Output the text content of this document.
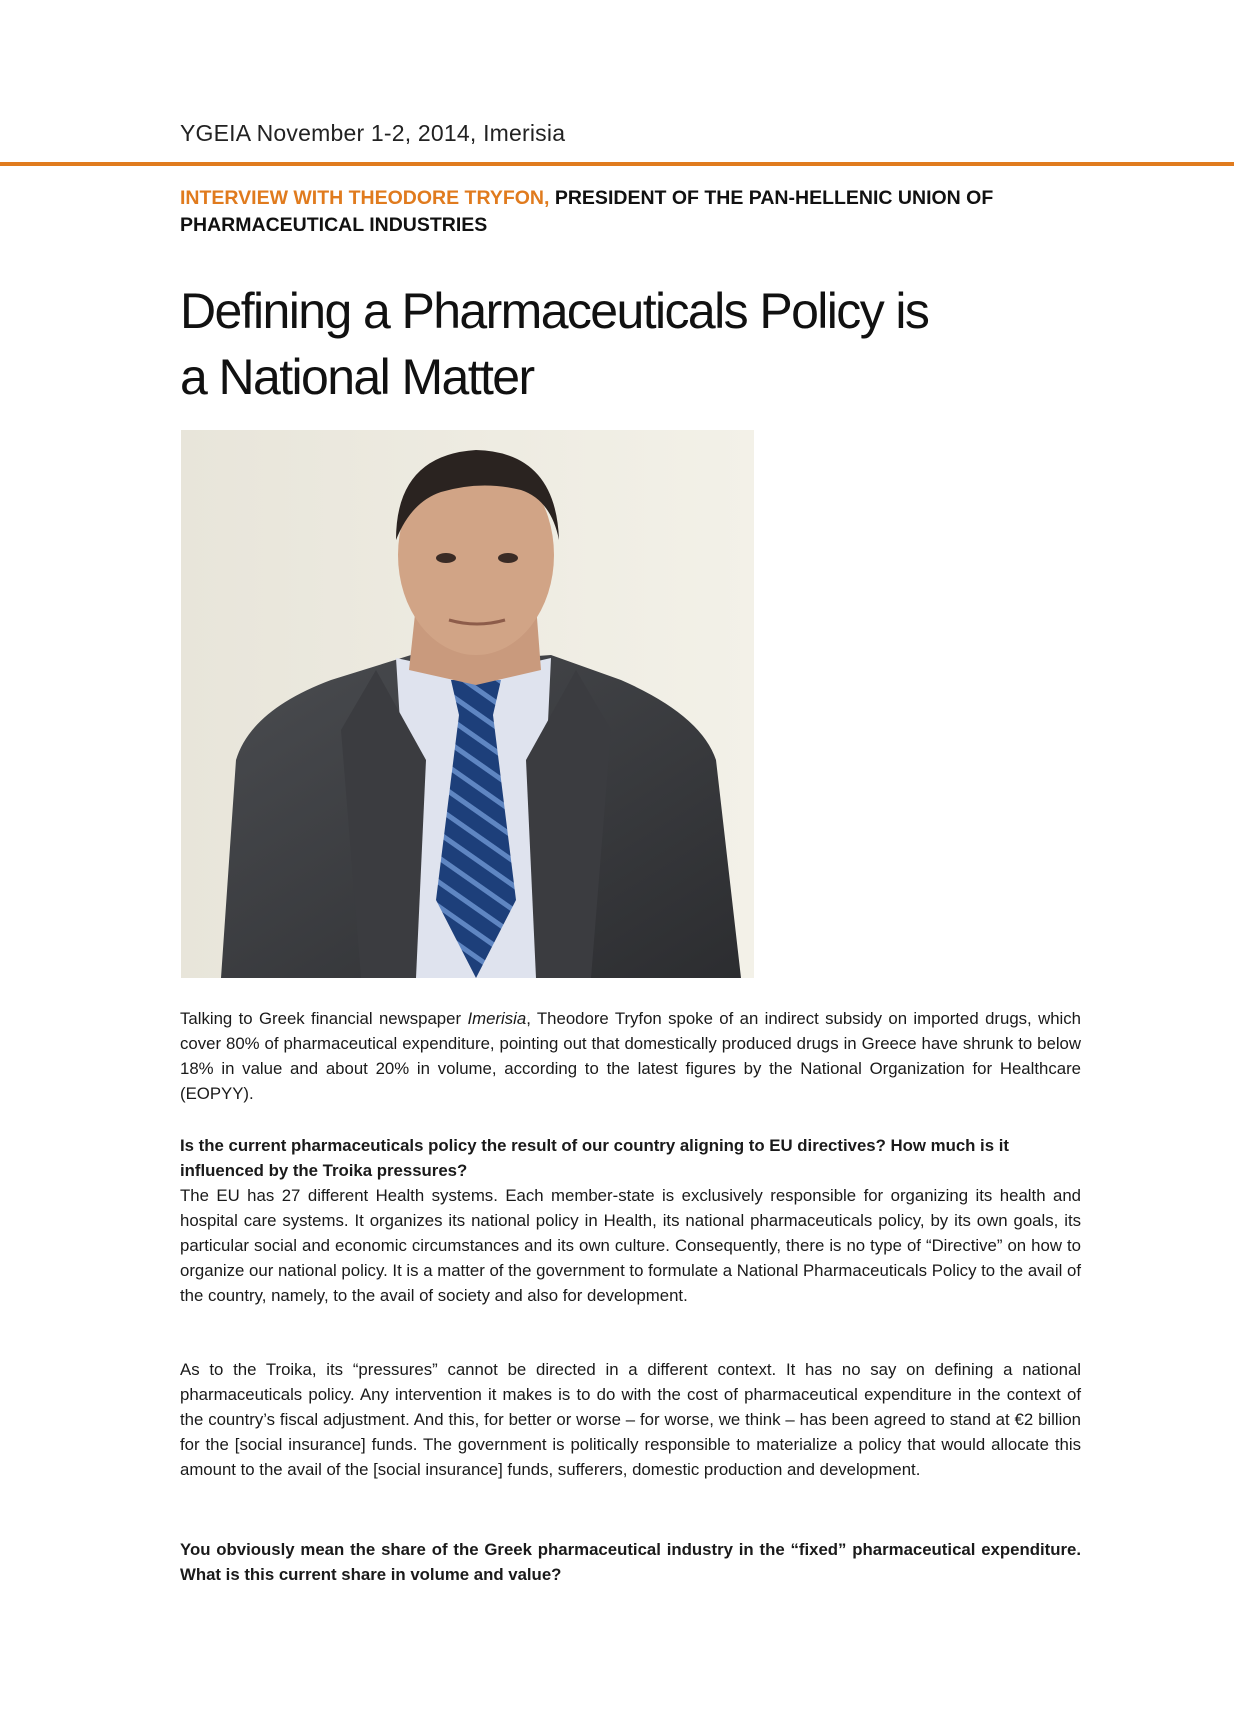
YGEIA November 1-2, 2014, Imerisia
INTERVIEW WITH THEODORE TRYFON, PRESIDENT OF THE PAN-HELLENIC UNION OF PHARMACEUTICAL INDUSTRIES
Defining a Pharmaceuticals Policy is
a National Matter

Talking to Greek financial newspaper Imerisia, Theodore Tryfon spoke of an indirect subsidy on imported drugs, which cover 80% of pharmaceutical expenditure, pointing out that domestically produced drugs in Greece have shrunk to below 18% in value and about 20% in volume, according to the latest figures by the National Organization for Healthcare (EOPYY).

Is the current pharmaceuticals policy the result of our country aligning to EU directives? How much is it influenced by the Troika pressures?

The EU has 27 different Health systems. Each member-state is exclusively responsible for organizing its health and hospital care systems. It organizes its national policy in Health, its national pharmaceuticals policy, by its own goals, its particular social and economic circumstances and its own culture. Consequently, there is no type of “Directive” on how to organize our national policy. It is a matter of the government to formulate a National Pharmaceuticals Policy to the avail of the country, namely, to the avail of society and also for development.

As to the Troika, its “pressures” cannot be directed in a different context. It has no say on defining a national pharmaceuticals policy. Any intervention it makes is to do with the cost of pharmaceutical expenditure in the context of the country’s fiscal adjustment. And this, for better or worse – for worse, we think – has been agreed to stand at €2 billion for the [social insurance] funds. The government is politically responsible to materialize a policy that would allocate this amount to the avail of the [social insurance] funds, sufferers, domestic production and development.

You obviously mean the share of the Greek pharmaceutical industry in the “fixed” pharmaceutical expenditure. What is this current share in volume and value?
